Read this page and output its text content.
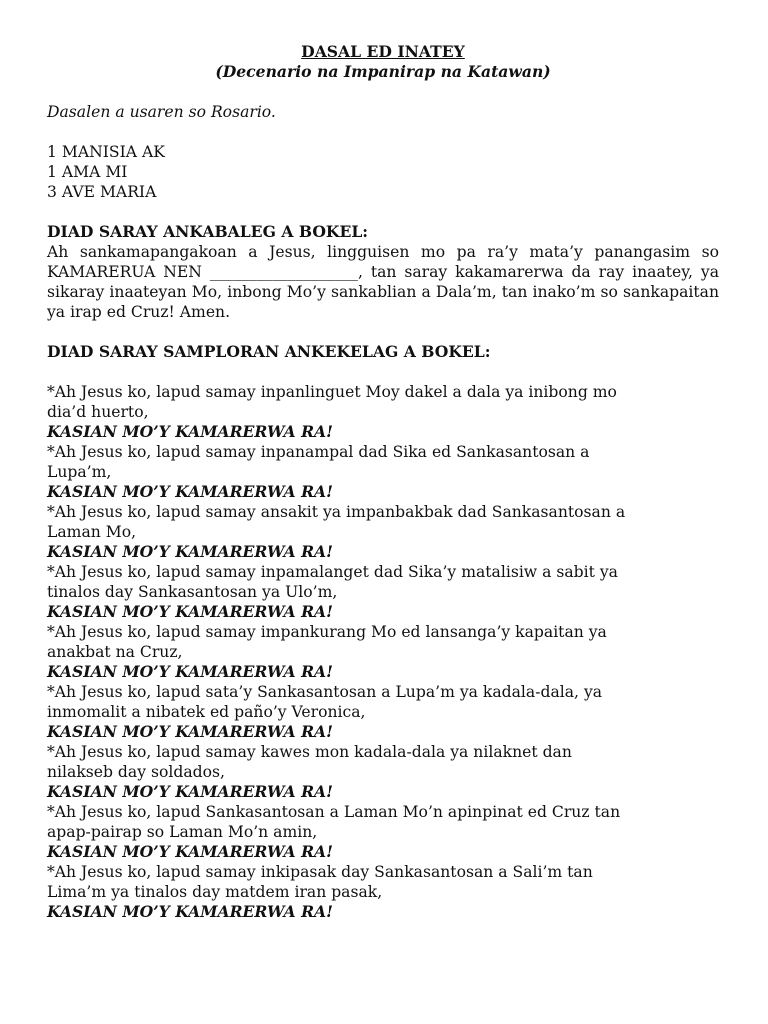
DASAL ED INATEY
(Decenario na Impanirap na Katawan)
Dasalen a usaren so Rosario.
1 MANISIA AK
1 AMA MI
3 AVE MARIA
DIAD SARAY ANKABALEG A BOKEL:
Ah sankamapangakoan a Jesus, lingguisen mo pa ra’y mata’y panangasim so KAMARERUA NEN ___________________, tan saray kakamarerwa da ray inaatey, ya sikaray inaateyan Mo, inbong Mo’y sankablian a Dala’m, tan inako’m so sankapaitan ya irap ed Cruz! Amen.
DIAD SARAY SAMPLORAN ANKEKELAG A BOKEL:
*Ah Jesus ko, lapud samay inpanlinguet Moy dakel a dala ya inibong mo
dia’d huerto,
KASIAN MO’Y KAMARERWA RA!
*Ah Jesus ko, lapud samay inpanampal dad Sika ed Sankasantosan a
Lupa’m,
KASIAN MO’Y KAMARERWA RA!
*Ah Jesus ko, lapud samay ansakit ya impanbakbak dad Sankasantosan a
Laman Mo,
KASIAN MO’Y KAMARERWA RA!
*Ah Jesus ko, lapud samay inpamalanget dad Sika’y matalisiw a sabit ya
tinalos day Sankasantosan ya Ulo’m,
KASIAN MO’Y KAMARERWA RA!
*Ah Jesus ko, lapud samay impankurang Mo ed lansanga’y kapaitan ya
anakbat na Cruz,
KASIAN MO’Y KAMARERWA RA!
*Ah Jesus ko, lapud sata’y Sankasantosan a Lupa’m ya kadala-dala, ya
inmomalit a nibatek ed paño’y Veronica,
KASIAN MO’Y KAMARERWA RA!
*Ah Jesus ko, lapud samay kawes mon kadala-dala ya nilaknet dan
nilakseb day soldados,
KASIAN MO’Y KAMARERWA RA!
*Ah Jesus ko, lapud Sankasantosan a Laman Mo’n apinpinat ed Cruz tan
apap-pairap so Laman Mo’n amin,
KASIAN MO’Y KAMARERWA RA!
*Ah Jesus ko, lapud samay inkipasak day Sankasantosan a Sali’m tan
Lima’m ya tinalos day matdem iran pasak,
KASIAN MO’Y KAMARERWA RA!
